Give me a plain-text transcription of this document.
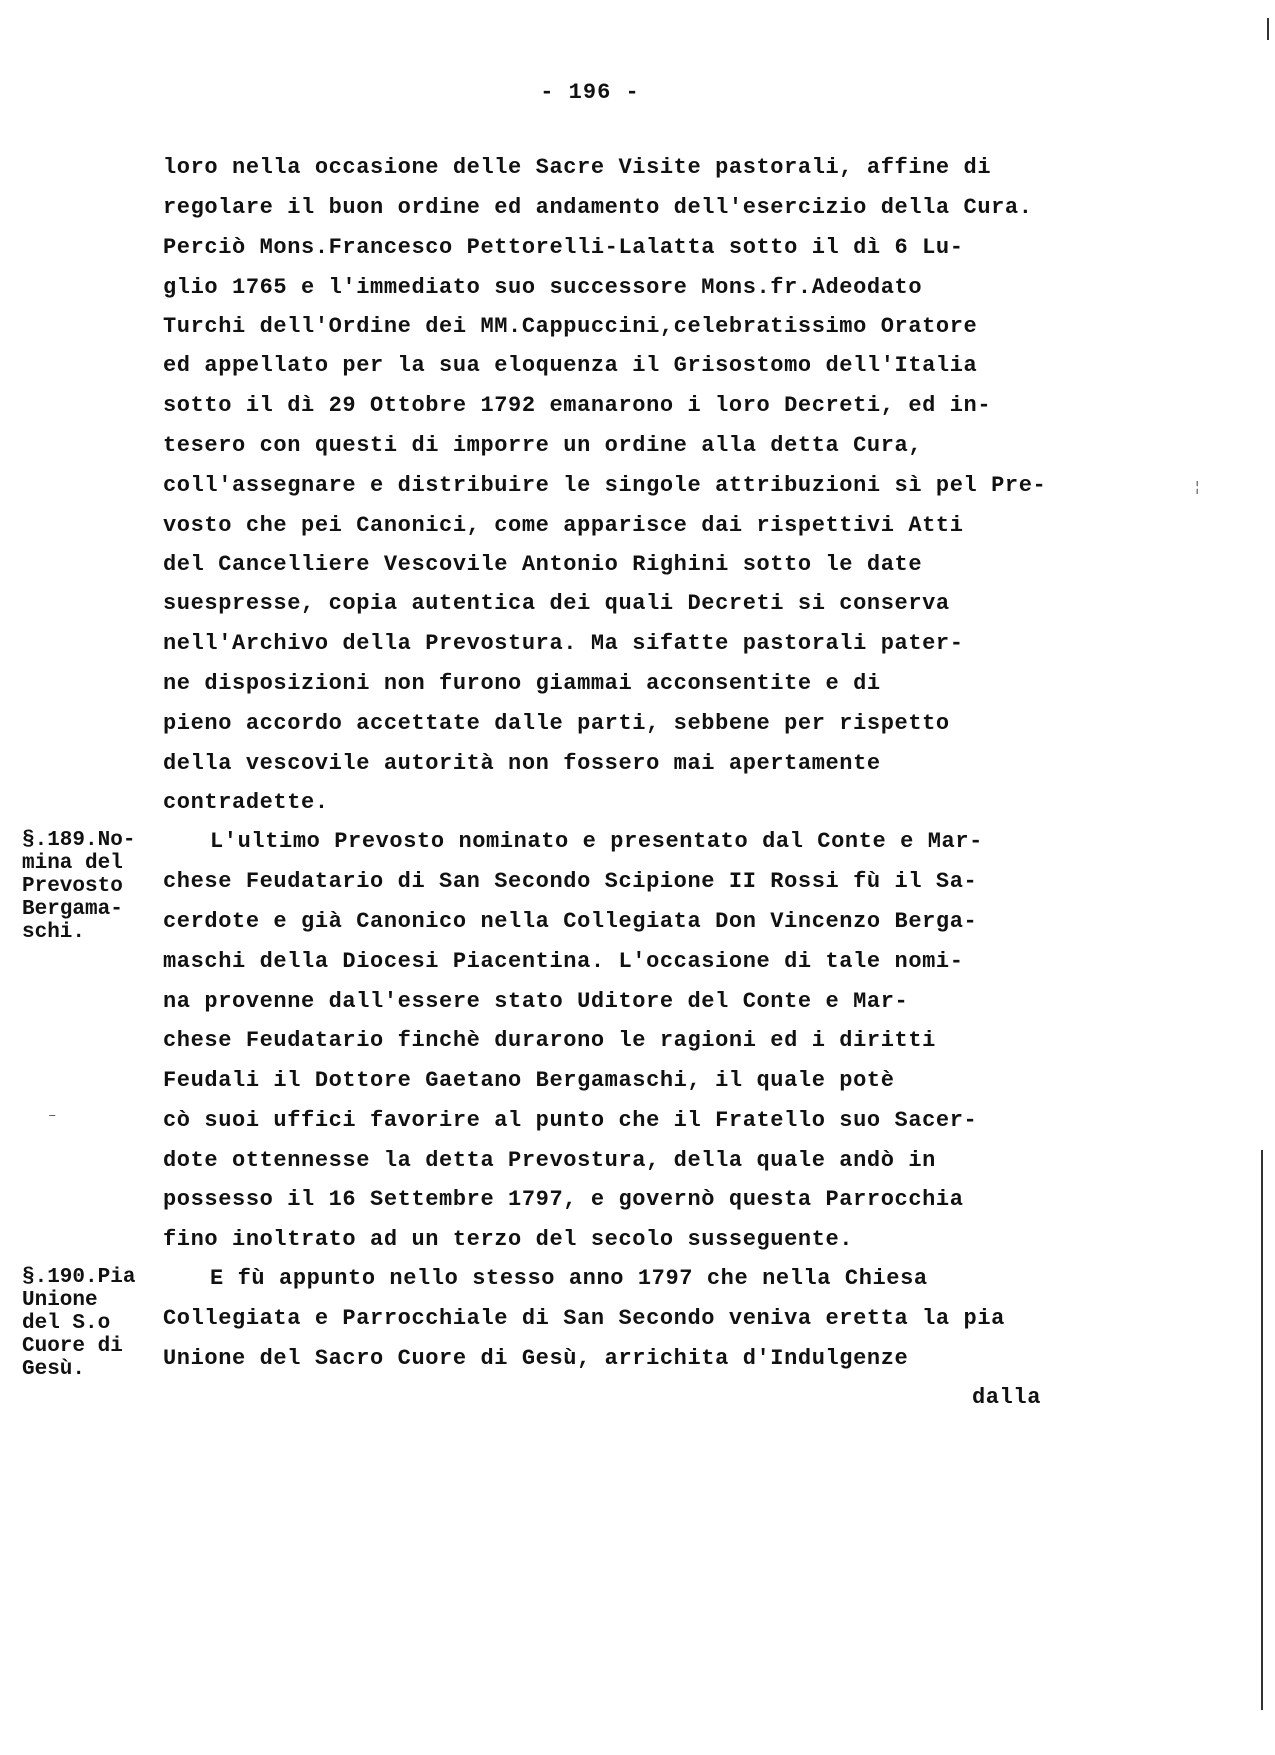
- 196 -
loro nella occasione delle Sacre Visite pastorali, affine di
regolare il buon ordine ed andamento dell'esercizio della Cura.
Perciò Mons.Francesco Pettorelli-Lalatta sotto il dì 6 Lu-
glio 1765 e l'immediato suo successore Mons.fr.Adeodato
Turchi dell'Ordine dei MM.Cappuccini,celebratissimo Oratore
ed appellato per la sua eloquenza il Grisostomo dell'Italia
sotto il dì 29 Ottobre 1792 emanarono i loro Decreti, ed in-
tesero con questi di imporre un ordine alla detta Cura,
coll'assegnare e distribuire le singole attribuzioni sì pel Pre-
vosto che pei Canonici, come apparisce dai rispettivi Atti
del Cancelliere Vescovile Antonio Righini sotto le date
suespresse, copia autentica dei quali Decreti si conserva
nell'Archivo della Prevostura. Ma sifatte pastorali pater-
ne disposizioni non furono giammai acconsentite e di
pieno accordo accettate dalle parti, sebbene per rispetto
della vescovile autorità non fossero mai apertamente
contradette.
L'ultimo Prevosto nominato e presentato dal Conte e Mar-
chese Feudatario di San Secondo Scipione II Rossi fù il Sa-
cerdote e già Canonico nella Collegiata Don Vincenzo Berga-
maschi della Diocesi Piacentina. L'occasione di tale nomi-
na provenne dall'essere stato Uditore del Conte e Mar-
chese Feudatario finchè durarono le ragioni ed i diritti
Feudali il Dottore Gaetano Bergamaschi, il quale potè
cò suoi uffici favorire al punto che il Fratello suo Sacer-
dote ottennesse la detta Prevostura, della quale andò in
possesso il 16 Settembre 1797, e governò questa Parrocchia
fino inoltrato ad un terzo del secolo susseguente.
E fù appunto nello stesso anno 1797 che nella Chiesa
Collegiata e Parrocchiale di San Secondo veniva eretta la pia
Unione del Sacro Cuore di Gesù, arrichita d'Indulgenze
dalla
§.189.No-
mina del
Prevosto
Bergama-
schi.
§.190.Pia
Unione
del S.o
Cuore di
Gesù.
¦
–
